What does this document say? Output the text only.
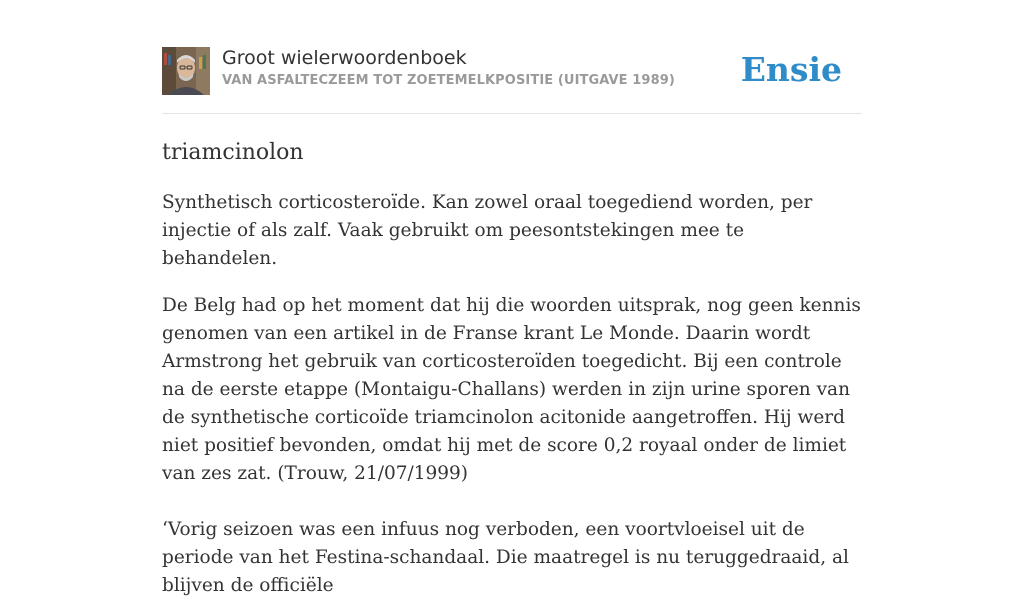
Groot wielerwoordenboek
VAN ASFALTECZEEM TOT ZOETEMELKPOSITIE (UITGAVE 1989) Ensie
triamcinolon

Synthetisch corticosteroïde. Kan zowel oraal toegediend worden, per injectie of als zalf. Vaak gebruikt om peesontstekingen mee te behandelen.

De Belg had op het moment dat hij die woorden uitsprak, nog geen kennis genomen van een artikel in de Franse krant Le Monde. Daarin wordt Armstrong het gebruik van corticosteroïden toegedicht. Bij een controle na de eerste etappe (Montaigu-Challans) werden in zijn urine sporen van de synthetische corticoïde triamcinolon acitonide aangetroffen. Hij werd niet positief bevonden, omdat hij met de score 0,2 royaal onder de limiet van zes zat. (Trouw, 21/07/1999)

‘Vorig seizoen was een infuus nog verboden, een voortvloeisel uit de periode van het Festina-schandaal. Die maatregel is nu teruggedraaid, al blijven de officiële
